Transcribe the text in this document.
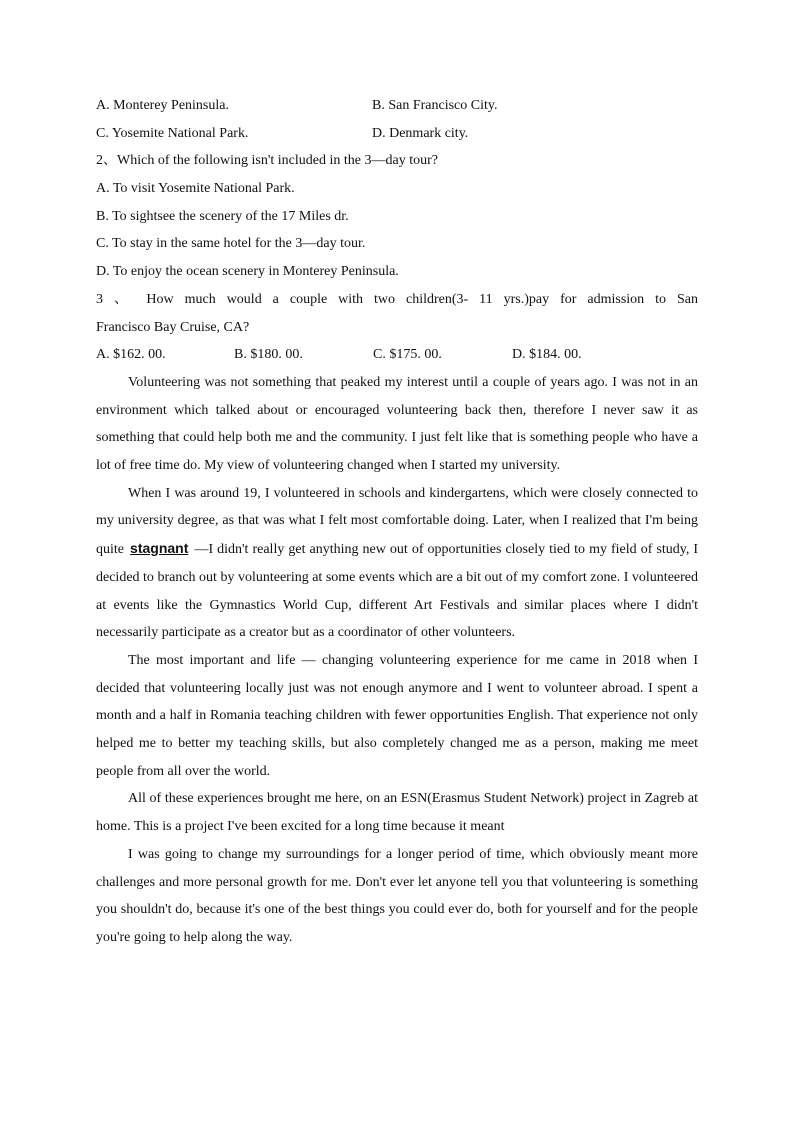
A. Monterey Peninsula.	B. San Francisco City.
C. Yosemite National Park.	D. Denmark city.
2、Which of the following isn't included in the 3—day tour?
A. To visit Yosemite National Park.
B. To sightsee the scenery of the 17 Miles dr.
C. To stay in the same hotel for the 3—day tour.
D. To enjoy the ocean scenery in Monterey Peninsula.
3 、 How much would a couple with two children(3- 11 yrs.)pay for admission to San
Francisco Bay Cruise, CA?
A. $162. 00.	B. $180. 00.	C. $175. 00.	D. $184. 00.

Volunteering was not something that peaked my interest until a couple of years ago. I was not in an environment which talked about or encouraged volunteering back then, therefore I never saw it as something that could help both me and the community. I just felt like that is something people who have a lot of free time do. My view of volunteering changed when I started my university.

When I was around 19, I volunteered in schools and kindergartens, which were closely connected to my university degree, as that was what I felt most comfortable doing. Later, when I realized that I'm being quite stagnant —I didn't really get anything new out of opportunities closely tied to my field of study, I decided to branch out by volunteering at some events which are a bit out of my comfort zone. I volunteered at events like the Gymnastics World Cup, different Art Festivals and similar places where I didn't necessarily participate as a creator but as a coordinator of other volunteers.

The most important and life — changing volunteering experience for me came in 2018 when I decided that volunteering locally just was not enough anymore and I went to volunteer abroad. I spent a month and a half in Romania teaching children with fewer opportunities English. That experience not only helped me to better my teaching skills, but also completely changed me as a person, making me meet people from all over the world.

All of these experiences brought me here, on an ESN(Erasmus Student Network) project in Zagreb at home. This is a project I've been excited for a long time because it meant

I was going to change my surroundings for a longer period of time, which obviously meant more challenges and more personal growth for me. Don't ever let anyone tell you that volunteering is something you shouldn't do, because it's one of the best things you could ever do, both for yourself and for the people you're going to help along the way.
